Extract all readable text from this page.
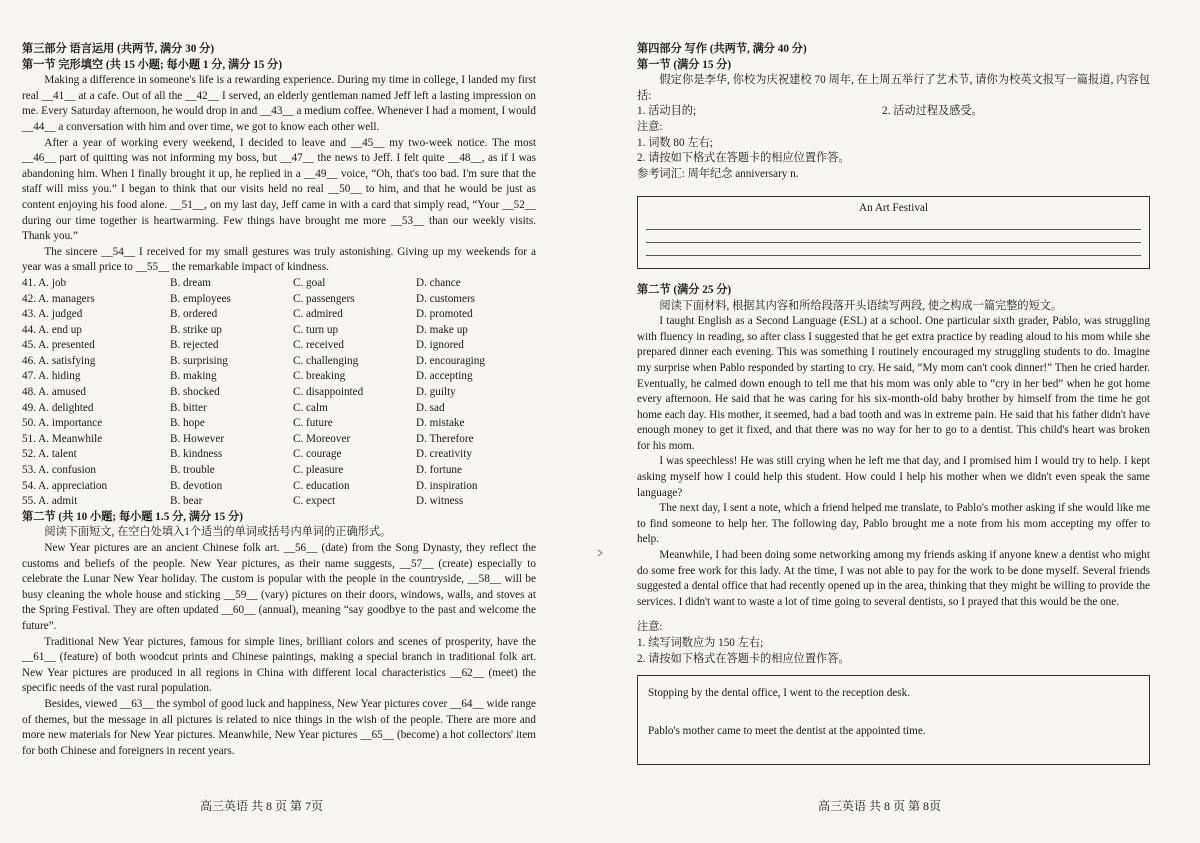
第三部分 语言运用 (共两节, 满分 30 分)

第一节 完形填空 (共 15 小题; 每小题 1 分, 满分 15 分)

Making a difference in someone's life is a rewarding experience. During my time in college, I landed my first real __41__ at a cafe. Out of all the __42__ I served, an elderly gentleman named Jeff left a lasting impression on me. Every Saturday afternoon, he would drop in and __43__ a medium coffee. Whenever I had a moment, I would __44__ a conversation with him and over time, we got to know each other well.

After a year of working every weekend, I decided to leave and __45__ my two-week notice. The most __46__ part of quitting was not informing my boss, but __47__ the news to Jeff. I felt quite __48__, as if I was abandoning him. When I finally brought it up, he replied in a __49__ voice, “Oh, that's too bad. I'm sure that the staff will miss you.” I began to think that our visits held no real __50__ to him, and that he would be just as content enjoying his food alone. __51__, on my last day, Jeff came in with a card that simply read, “Your __52__ during our time together is heartwarming. Few things have brought me more __53__ than our weekly visits. Thank you.”

The sincere __54__ I received for my small gestures was truly astonishing. Giving up my weekends for a year was a small price to __55__ the remarkable impact of kindness.

41. A. job	B. dream	C. goal	D. chance
42. A. managers	B. employees	C. passengers	D. customers
43. A. judged	B. ordered	C. admired	D. promoted
44. A. end up	B. strike up	C. turn up	D. make up
45. A. presented	B. rejected	C. received	D. ignored
46. A. satisfying	B. surprising	C. challenging	D. encouraging
47. A. hiding	B. making	C. breaking	D. accepting
48. A. amused	B. shocked	C. disappointed	D. guilty
49. A. delighted	B. bitter	C. calm	D. sad
50. A. importance	B. hope	C. future	D. mistake
51. A. Meanwhile	B. However	C. Moreover	D. Therefore
52. A. talent	B. kindness	C. courage	D. creativity
53. A. confusion	B. trouble	C. pleasure	D. fortune
54. A. appreciation	B. devotion	C. education	D. inspiration
55. A. admit	B. bear	C. expect	D. witness

第二节 (共 10 小题; 每小题 1.5 分, 满分 15 分)

阅读下面短文, 在空白处填入1个适当的单词或括号内单词的正确形式。

New Year pictures are an ancient Chinese folk art. __56__ (date) from the Song Dynasty, they reflect the customs and beliefs of the people. New Year pictures, as their name suggests, __57__ (create) especially to celebrate the Lunar New Year holiday. The custom is popular with the people in the countryside, __58__ will be busy cleaning the whole house and sticking __59__ (vary) pictures on their doors, windows, walls, and stoves at the Spring Festival. They are often updated __60__ (annual), meaning “say goodbye to the past and welcome the future”.

Traditional New Year pictures, famous for simple lines, brilliant colors and scenes of prosperity, have the __61__ (feature) of both woodcut prints and Chinese paintings, making a special branch in traditional folk art. New Year pictures are produced in all regions in China with different local characteristics __62__ (meet) the specific needs of the vast rural population.

Besides, viewed __63__ the symbol of good luck and happiness, New Year pictures cover __64__ wide range of themes, but the message in all pictures is related to nice things in the wish of the people. There are more and more new materials for New Year pictures. Meanwhile, New Year pictures __65__ (become) a hot collectors' item for both Chinese and foreigners in recent years.

高三英语 共 8 页 第 7页

第四部分 写作 (共两节, 满分 40 分)

第一节 (满分 15 分)

假定你是李华, 你校为庆祝建校 70 周年, 在上周五举行了艺术节, 请你为校英文报写一篇报道, 内容包括:

1. 活动目的;	2. 活动过程及感受。

注意:

1. 词数 80 左右;

2. 请按如下格式在答题卡的相应位置作答。

参考词汇: 周年纪念 anniversary n.

An Art Festival

第二节 (满分 25 分)

阅读下面材料, 根据其内容和所给段落开头语续写两段, 使之构成一篇完整的短文。

I taught English as a Second Language (ESL) at a school. One particular sixth grader, Pablo, was struggling with fluency in reading, so after class I suggested that he get extra practice by reading aloud to his mom while she prepared dinner each evening. This was something I routinely encouraged my struggling students to do. Imagine my surprise when Pablo responded by starting to cry. He said, “My mom can't cook dinner!” Then he cried harder. Eventually, he calmed down enough to tell me that his mom was only able to “cry in her bed” when he got home every afternoon. He said that he was caring for his six-month-old baby brother by himself from the time he got home each day. His mother, it seemed, had a bad tooth and was in extreme pain. He said that his father didn't have enough money to get it fixed, and that there was no way for her to go to a dentist. This child's heart was broken for his mom.

I was speechless! He was still crying when he left me that day, and I promised him I would try to help. I kept asking myself how I could help this student. How could I help his mother when we didn't even speak the same language?

The next day, I sent a note, which a friend helped me translate, to Pablo's mother asking if she would like me to find someone to help her. The following day, Pablo brought me a note from his mom accepting my offer to help.

Meanwhile, I had been doing some networking among my friends asking if anyone knew a dentist who might do some free work for this lady. At the time, I was not able to pay for the work to be done myself. Several friends suggested a dental office that had recently opened up in the area, thinking that they might be willing to provide the services. I didn't want to waste a lot of time going to several dentists, so I prayed that this would be the one.

注意:

1. 续写词数应为 150 左右;

2. 请按如下格式在答题卡的相应位置作答。

Stopping by the dental office, I went to the reception desk.

Pablo's mother came to meet the dentist at the appointed time.

高三英语 共 8 页 第 8页
